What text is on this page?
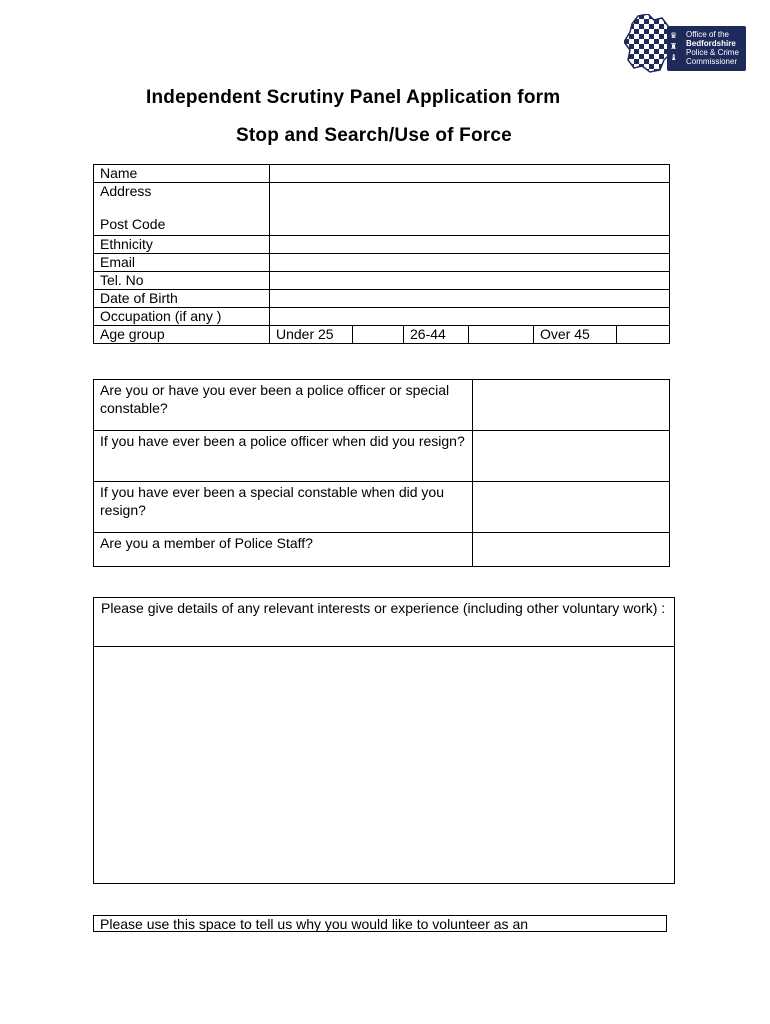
♛
♜
♝
Office of the
Bedfordshire
Police & Crime
Commissioner
Independent Scrutiny Panel Application form
Stop and Search/Use of Force
Name						

Address
Post Code						

Ethnicity						
Email						
Tel. No						
Date of Birth						
Occupation (if any )						
Age group	Under 25		26-44		Over 45	
Are you or have you ever been a police officer or special constable?	
If you have ever been a police officer when did you resign?	
If you have ever been a special constable when did you resign?	
Are you a member of Police Staff?	
Please give details of any relevant interests or experience (including other voluntary work) :
Please use this space to tell us why you would like to volunteer as an
